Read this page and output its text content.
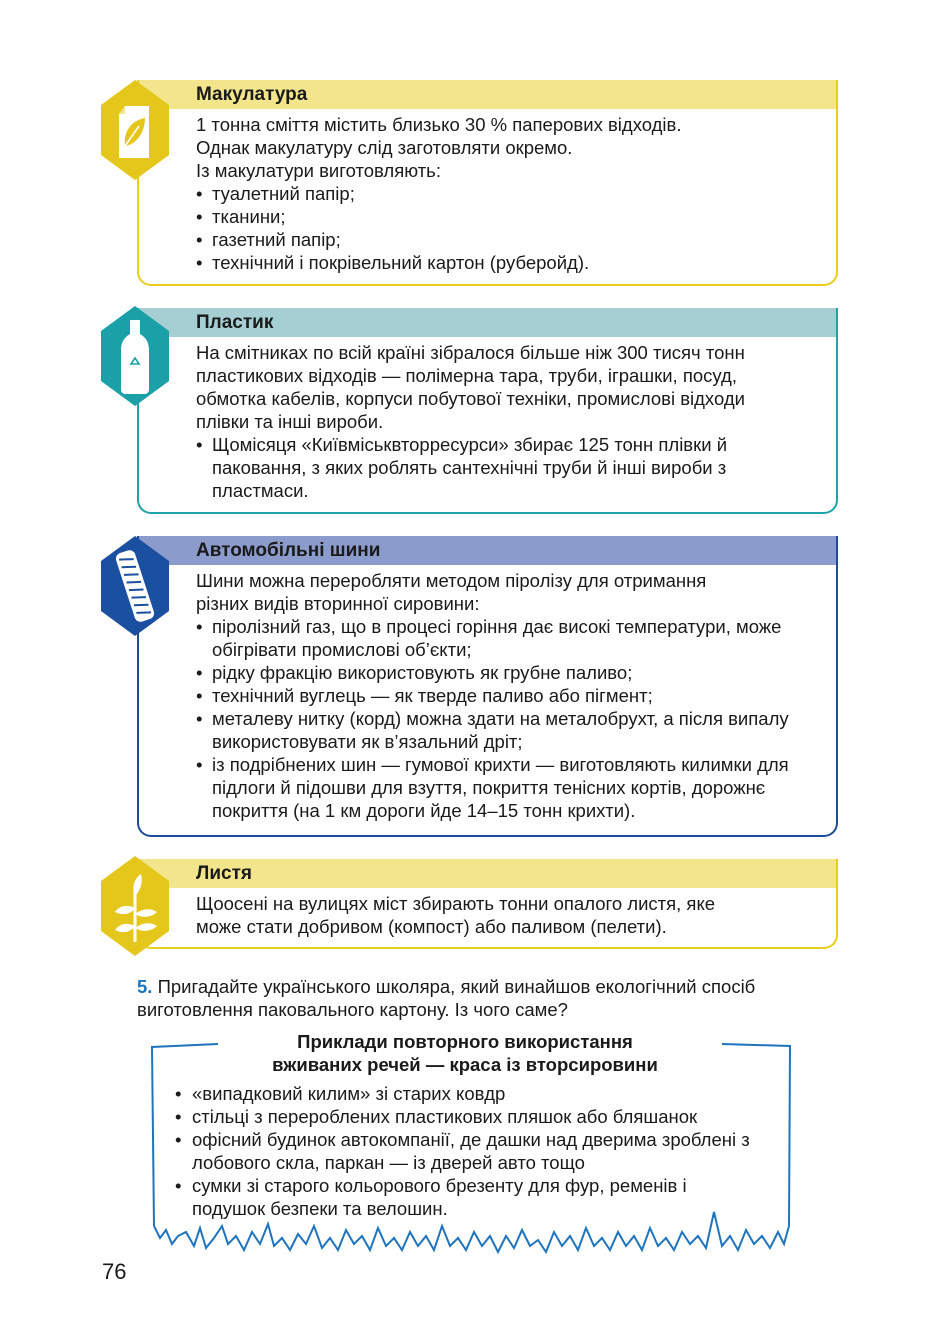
Макулатура

1 тонна сміття містить близько 30 % паперових відходів.

Однак макулатуру слід заготовляти окремо.

Із макулатури виготовляють:

• туалетний папір;
• тканини;
• газетний папір;
• технічний і покрівельний картон (руберойд).
Пластик

На смітниках по всій країні зібралося більше ніж 300 тисяч тонн

пластикових відходів — полімерна тара, труби, іграшки, посуд,

обмотка кабелів, корпуси побутової техніки, промислові відходи

плівки та інші вироби.

• Щомісяця «Київміськвторресурси» збирає 125 тонн плівки й паковання, з яких роблять сантехнічні труби й інші вироби з пластмаси.
Автомобільні шини

Шини можна переробляти методом піролізу для отримання

різних видів вторинної сировини:

• піролізний газ, що в процесі горіння дає високі температури, може обігрівати промислові об’єкти;
• рідку фракцію використовують як грубне паливо;
• технічний вуглець — як тверде паливо або пігмент;
• металеву нитку (корд) можна здати на металобрухт, а після випалу використовувати як в’язальний дріт;
• із подрібнених шин — гумової крихти — виготовляють килимки для підлоги й підошви для взуття, покриття тенісних кортів, дорожнє покриття (на 1 км дороги йде 14–15 тонн крихти).
Листя

Щоосені на вулицях міст збирають тонни опалого листя, яке

може стати добривом (компост) або паливом (пелети).

5. Пригадайте українського школяра, який винайшов екологічний спосіб виготовлення паковального картону. Із чого саме?
Приклади повторного використання
вживаних речей — краса із вторсировини
• «випадковий килим» зі старих ковдр
• стільці з перероблених пластикових пляшок або бляшанок
• офісний будинок автокомпанії, де дашки над дверима зроблені з лобового скла, паркан — із дверей авто тощо
• сумки зі старого кольорового брезенту для фур, ременів і подушок безпеки та велошин.
76
